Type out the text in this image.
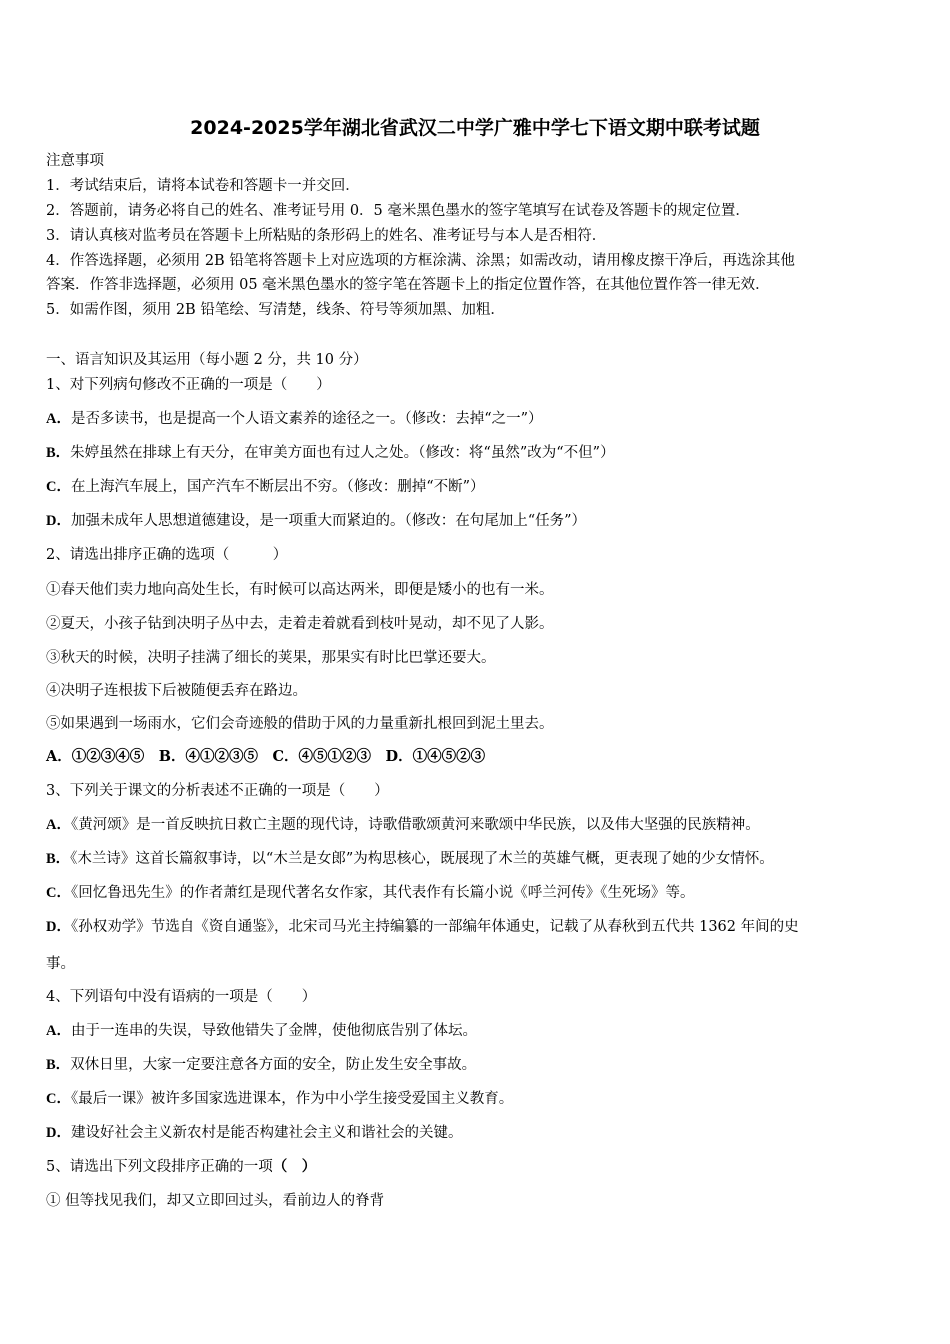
2024-2025学年湖北省武汉二中学广雅中学七下语文期中联考试题
注意事项
1．考试结束后，请将本试卷和答题卡一并交回．
2．答题前，请务必将自己的姓名、准考证号用 0．5 毫米黑色墨水的签字笔填写在试卷及答题卡的规定位置．
3．请认真核对监考员在答题卡上所粘贴的条形码上的姓名、准考证号与本人是否相符．
4．作答选择题，必须用 2B 铅笔将答题卡上对应选项的方框涂满、涂黑；如需改动，请用橡皮擦干净后，再选涂其他
答案．作答非选择题，必须用 05 毫米黑色墨水的签字笔在答题卡上的指定位置作答，在其他位置作答一律无效．
5．如需作图，须用 2B 铅笔绘、写清楚，线条、符号等须加黑、加粗．
一、语言知识及其运用（每小题 2 分，共 10 分）
1、对下列病句修改不正确的一项是（　　）
A．是否多读书，也是提高一个人语文素养的途径之一。（修改：去掉“之一”）
B．朱婷虽然在排球上有天分，在审美方面也有过人之处。（修改：将“虽然”改为“不但”）
C．在上海汽车展上，国产汽车不断层出不穷。（修改：删掉“不断”）
D．加强未成年人思想道德建设，是一项重大而紧迫的。（修改：在句尾加上“任务”）
2、请选出排序正确的选项（　　　）
①春天他们卖力地向高处生长，有时候可以高达两米，即便是矮小的也有一米。
②夏天，小孩子钻到决明子丛中去，走着走着就看到枝叶晃动，却不见了人影。
③秋天的时候，决明子挂满了细长的荚果，那果实有时比巴掌还要大。
④决明子连根拔下后被随便丢弃在路边。
⑤如果遇到一场雨水，它们会奇迹般的借助于风的力量重新扎根回到泥土里去。
A．①②③④⑤　B．④①②③⑤　C．④⑤①②③　D．①④⑤②③
3、下列关于课文的分析表述不正确的一项是（　　）
A．《黄河颂》是一首反映抗日救亡主题的现代诗，诗歌借歌颂黄河来歌颂中华民族，以及伟大坚强的民族精神。
B．《木兰诗》这首长篇叙事诗，以“木兰是女郎”为构思核心，既展现了木兰的英雄气概，更表现了她的少女情怀。
C．《回忆鲁迅先生》的作者萧红是现代著名女作家，其代表作有长篇小说《呼兰河传》《生死场》等。
D．《孙权劝学》节选自《资自通鉴》，北宋司马光主持编纂的一部编年体通史，记载了从春秋到五代共 1362 年间的史
事。
4、下列语句中没有语病的一项是（　　）
A．由于一连串的失误，导致他错失了金牌，使他彻底告别了体坛。
B．双休日里，大家一定要注意各方面的安全，防止发生安全事故。
C．《最后一课》被许多国家选进课本，作为中小学生接受爱国主义教育。
D．建设好社会主义新农村是能否构建社会主义和谐社会的关键。
5、请选出下列文段排序正确的一项（　）
① 但等找见我们，却又立即回过头，看前边人的脊背
